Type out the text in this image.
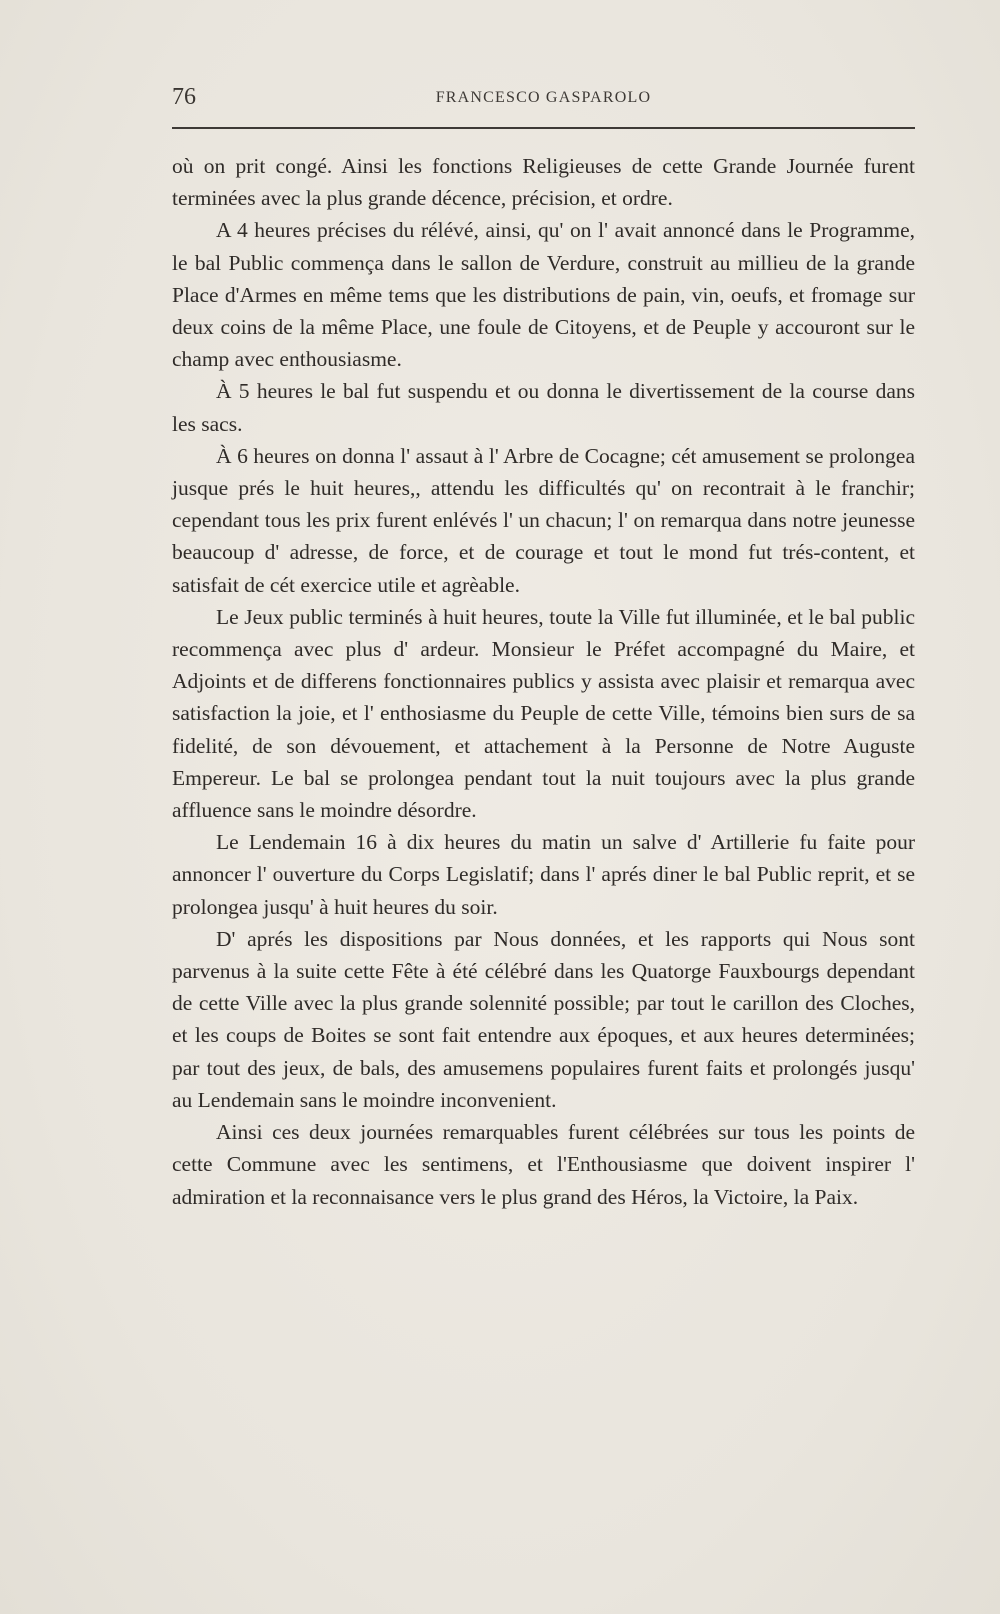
76	FRANCESCO GASPAROLO

où on prit congé. Ainsi les fonctions Religieuses de cette Grande Journée furent terminées avec la plus grande décence, précision, et ordre.

A 4 heures précises du rélévé, ainsi, qu' on l' avait annoncé dans le Programme, le bal Public commença dans le sallon de Verdure, construit au millieu de la grande Place d'Armes en même tems que les distributions de pain, vin, oeufs, et fromage sur deux coins de la même Place, une foule de Citoyens, et de Peuple y accouront sur le champ avec enthousiasme.

À 5 heures le bal fut suspendu et ou donna le divertissement de la course dans les sacs.

À 6 heures on donna l' assaut à l' Arbre de Cocagne; cét amusement se prolongea jusque prés le huit heures,, attendu les difficultés qu' on recontrait à le franchir; cependant tous les prix furent enlévés l' un chacun; l' on remarqua dans notre jeunesse beaucoup d' adresse, de force, et de courage et tout le mond fut trés-content, et satisfait de cét exercice utile et agrèable.

Le Jeux public terminés à huit heures, toute la Ville fut illuminée, et le bal public recommença avec plus d' ardeur. Monsieur le Préfet accompagné du Maire, et Adjoints et de differens fonctionnaires publics y assista avec plaisir et remarqua avec satisfaction la joie, et l' enthosiasme du Peuple de cette Ville, témoins bien surs de sa fidelité, de son dévouement, et attachement à la Personne de Notre Auguste Empereur. Le bal se prolongea pendant tout la nuit toujours avec la plus grande affluence sans le moindre désordre.

Le Lendemain 16 à dix heures du matin un salve d' Artillerie fu faite pour annoncer l' ouverture du Corps Legislatif; dans l' aprés diner le bal Public reprit, et se prolongea jusqu' à huit heures du soir.

D' aprés les dispositions par Nous données, et les rapports qui Nous sont parvenus à la suite cette Fête à été célébré dans les Quatorge Fauxbourgs dependant de cette Ville avec la plus grande solennité possible; par tout le carillon des Cloches, et les coups de Boites se sont fait entendre aux époques, et aux heures determinées; par tout des jeux, de bals, des amusemens populaires furent faits et prolongés jusqu' au Lendemain sans le moindre inconvenient.

Ainsi ces deux journées remarquables furent célébrées sur tous les points de cette Commune avec les sentimens, et l'Enthousiasme que doivent inspirer l' admiration et la reconnaisance vers le plus grand des Héros, la Victoire, la Paix.
